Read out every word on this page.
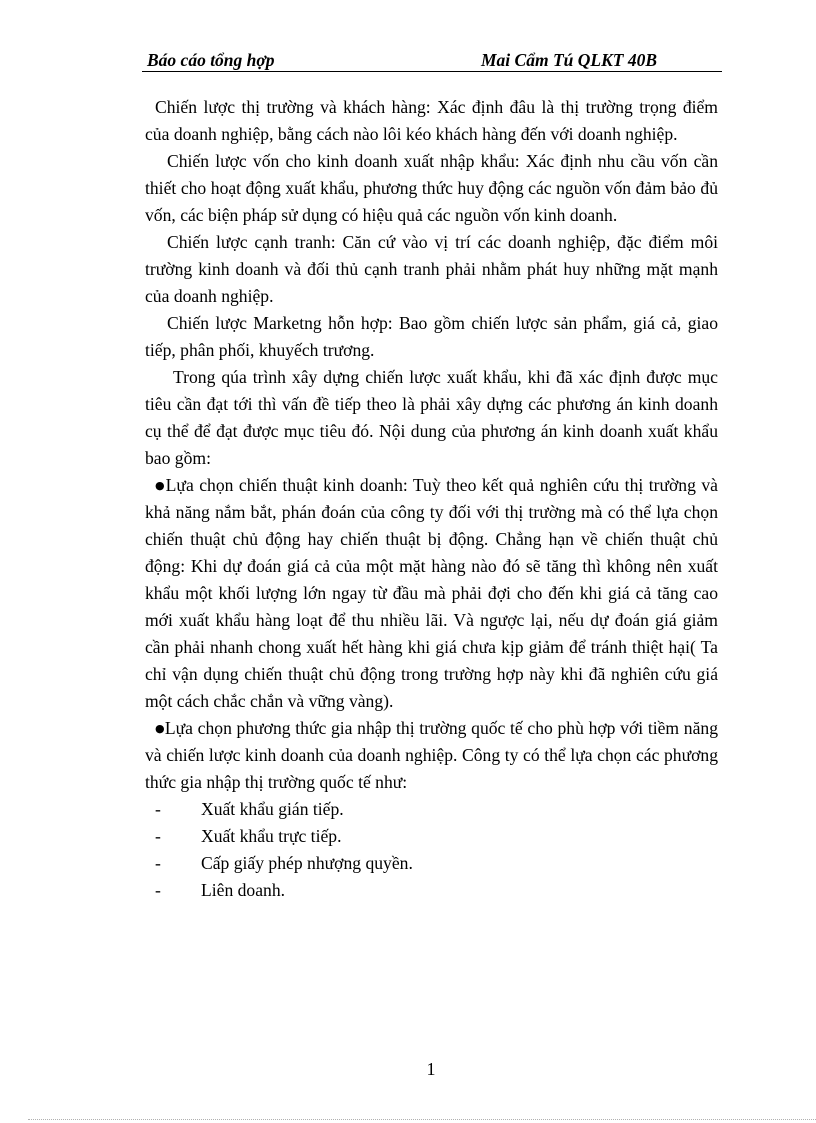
Báo cáo tổng hợp	Mai Cẩm Tú QLKT 40B

Chiến lược thị trường và khách hàng: Xác định đâu là thị trường trọng điểm của doanh nghiệp, bằng cách nào lôi kéo khách hàng đến với doanh nghiệp.

Chiến lược vốn cho kinh doanh xuất nhập khẩu: Xác định nhu cầu vốn cần thiết cho hoạt động xuất khẩu, phương thức huy động các nguồn vốn đảm bảo đủ vốn, các biện pháp sử dụng có hiệu quả các nguồn vốn kinh doanh.

Chiến lược cạnh tranh: Căn cứ vào vị trí các doanh nghiệp, đặc điểm môi trường kinh doanh và đối thủ cạnh tranh phải nhằm phát huy những mặt mạnh của doanh nghiệp.

Chiến lược Marketng hỗn hợp: Bao gồm chiến lược sản phẩm, giá cả, giao tiếp, phân phối, khuyếch trương.

Trong qúa trình xây dựng chiến lược xuất khẩu, khi đã xác định được mục tiêu cần đạt tới thì vấn đề tiếp theo là phải xây dựng các phương án kinh doanh cụ thể để đạt được mục tiêu đó. Nội dung của phương án kinh doanh xuất khẩu bao gồm:

●Lựa chọn chiến thuật kinh doanh: Tuỳ theo kết quả nghiên cứu thị trường và khả năng nắm bắt, phán đoán của công ty đối với thị trường mà có thể lựa chọn chiến thuật chủ động hay chiến thuật bị động. Chẳng hạn về chiến thuật chủ động: Khi dự đoán giá cả của một mặt hàng nào đó sẽ tăng thì không nên xuất khẩu một khối lượng lớn ngay từ đầu mà phải đợi cho đến khi giá cả tăng cao mới xuất khẩu hàng loạt để thu nhiều lãi. Và ngược lại, nếu dự đoán giá giảm cần phải nhanh chong xuất hết hàng khi giá chưa kịp giảm để tránh thiệt hại( Ta chỉ vận dụng chiến thuật chủ động trong trường hợp này khi đã nghiên cứu giá một cách chắc chắn và vững vàng).

●Lựa chọn phương thức gia nhập thị trường quốc tế cho phù hợp với tiềm năng và chiến lược kinh doanh của doanh nghiệp. Công ty có thể lựa chọn các phương thức gia nhập thị trường quốc tế như:

- Xuất khẩu gián tiếp.
- Xuất khẩu trực tiếp.
- Cấp giấy phép nhượng quyền.
- Liên doanh.
1
